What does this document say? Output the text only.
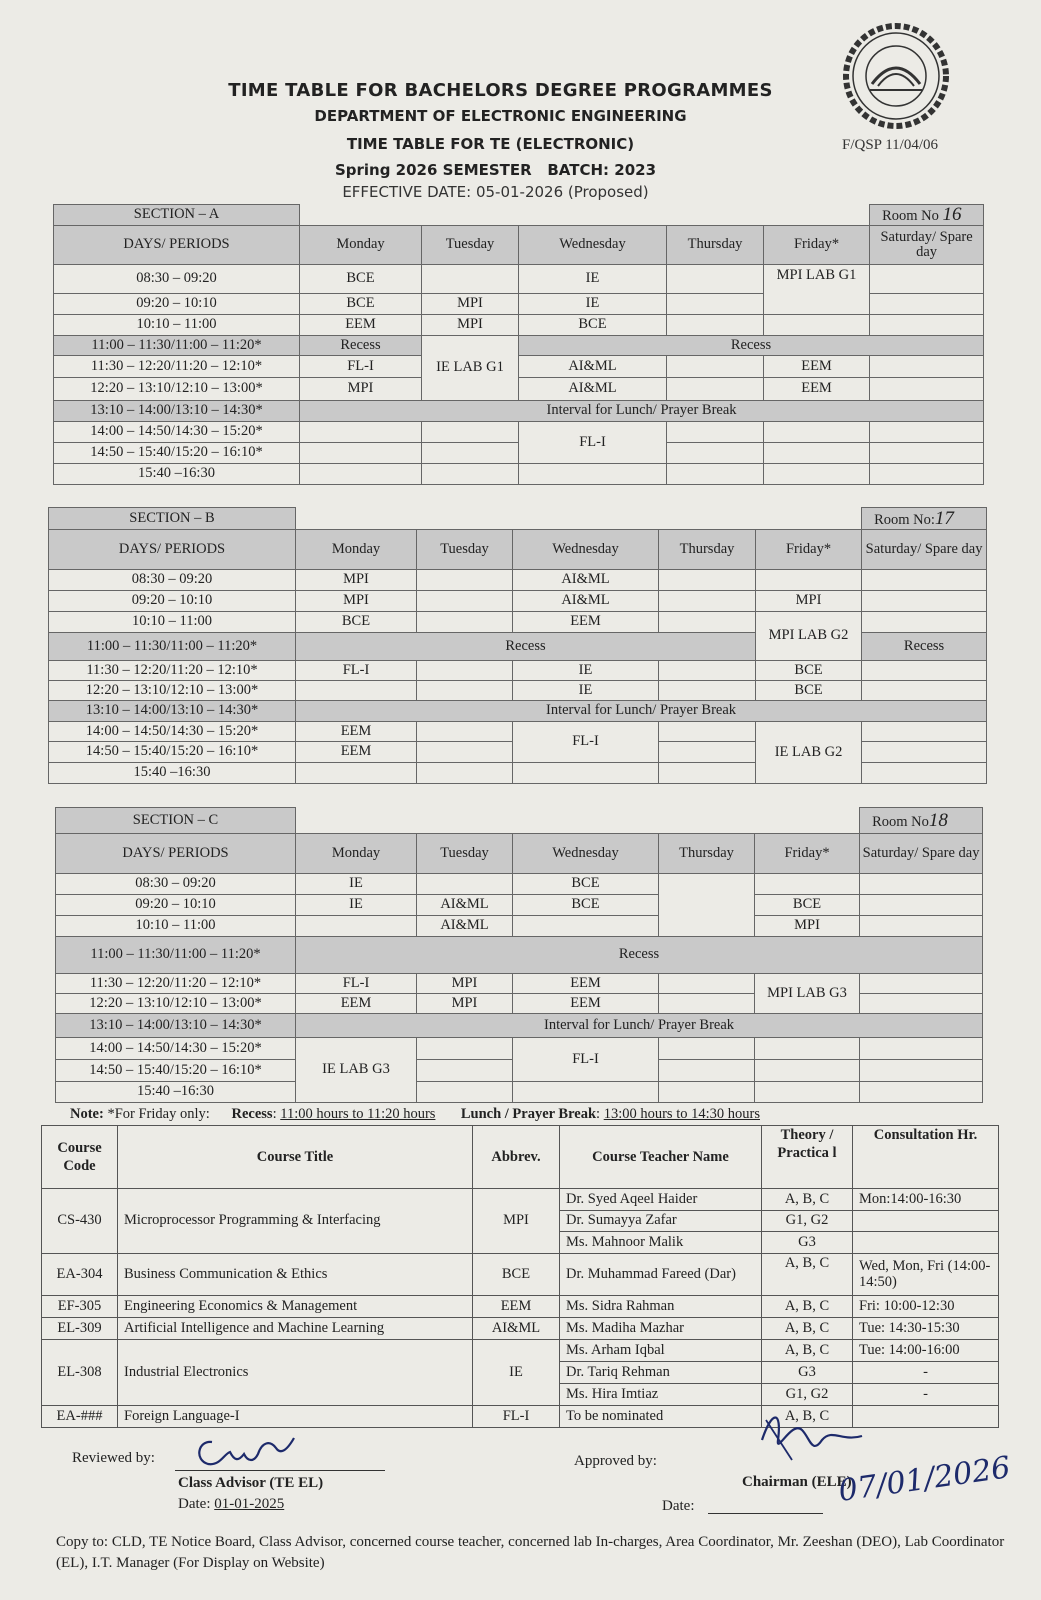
TIME TABLE FOR BACHELORS DEGREE PROGRAMMES
DEPARTMENT OF ELECTRONIC ENGINEERING
TIME TABLE FOR TE (ELECTRONIC)
Spring 2026 SEMESTER   BATCH: 2023
EFFECTIVE DATE: 05-01-2026 (Proposed)
F/QSP 11/04/06
SECTION – A						Room No 16
DAYS/ PERIODS	Monday	Tuesday	Wednesday	Thursday	Friday*	Saturday/ Spare day
08:30 – 09:20	BCE		IE		MPI LAB G1	
09:20 – 10:10	BCE	MPI	IE			
10:10 – 11:00	EEM	MPI	BCE			
11:00 – 11:30/11:00 – 11:20*	Recess	IE LAB G1	Recess			
11:30 – 12:20/11:20 – 12:10*	FL-I		AI&ML		EEM	
12:20 – 13:10/12:10 – 13:00*	MPI		AI&ML		EEM	
13:10 – 14:00/13:10 – 14:30*	Interval for Lunch/ Prayer Break					
14:00 – 14:50/14:30 – 15:20*			FL-I			
14:50 – 15:40/15:20 – 16:10*						
15:40 –16:30						
SECTION – B						Room No:17
DAYS/ PERIODS	Monday	Tuesday	Wednesday	Thursday	Friday*	Saturday/ Spare day
08:30 – 09:20	MPI		AI&ML			
09:20 – 10:10	MPI		AI&ML		MPI	
10:10 – 11:00	BCE		EEM		MPI LAB G2	
11:00 – 11:30/11:00 – 11:20*	Recess					Recess
11:30 – 12:20/11:20 – 12:10*	FL-I		IE		BCE	
12:20 – 13:10/12:10 – 13:00*			IE		BCE	
13:10 – 14:00/13:10 – 14:30*	Interval for Lunch/ Prayer Break					
14:00 – 14:50/14:30 – 15:20*	EEM		FL-I		IE LAB G2	
14:50 – 15:40/15:20 – 16:10*	EEM					
15:40 –16:30						
SECTION – C						Room No18
DAYS/ PERIODS	Monday	Tuesday	Wednesday	Thursday	Friday*	Saturday/ Spare day
08:30 – 09:20	IE		BCE			
09:20 – 10:10	IE	AI&ML	BCE		BCE	
10:10 – 11:00		AI&ML			MPI	
11:00 – 11:30/11:00 – 11:20*	Recess					
11:30 – 12:20/11:20 – 12:10*	FL-I	MPI	EEM		MPI LAB G3	
12:20 – 13:10/12:10 – 13:00*	EEM	MPI	EEM			
13:10 – 14:00/13:10 – 14:30*	Interval for Lunch/ Prayer Break					
14:00 – 14:50/14:30 – 15:20*	IE LAB G3		FL-I			
14:50 – 15:40/15:20 – 16:10*						
15:40 –16:30						
Note: *For Friday only: Recess: 11:00 hours to 11:20 hours Lunch / Prayer Break: 13:00 hours to 14:30 hours
Course Code	Course Title	Abbrev.	Course Teacher Name	Theory / Practica l	Consultation Hr.
CS-430	Microprocessor Programming & Interfacing	MPI	Dr. Syed Aqeel Haider	A, B, C	Mon:14:00-16:30
			Dr. Sumayya Zafar	G1, G2	
			Ms. Mahnoor Malik	G3	
EA-304	Business Communication & Ethics	BCE	Dr. Muhammad Fareed (Dar)	A, B, C	Wed, Mon, Fri (14:00-14:50)
EF-305	Engineering Economics & Management	EEM	Ms. Sidra Rahman	A, B, C	Fri: 10:00-12:30
EL-309	Artificial Intelligence and Machine Learning	AI&ML	Ms. Madiha Mazhar	A, B, C	Tue: 14:30-15:30
EL-308	Industrial Electronics	IE	Ms. Arham Iqbal	A, B, C	Tue: 14:00-16:00
			Dr. Tariq Rehman	G3	-
			Ms. Hira Imtiaz	G1, G2	-
EA-###	Foreign Language-I	FL-I	To be nominated	A, B, C	
Reviewed by:
Class Advisor (TE EL)
Date: 01-01-2025
Approved by:
Chairman (ELE)
Date:	07/01/2026
Copy to: CLD, TE Notice Board, Class Advisor, concerned course teacher, concerned lab In-charges, Area Coordinator, Mr. Zeeshan (DEO), Lab Coordinator (EL), I.T. Manager (For Display on Website)
